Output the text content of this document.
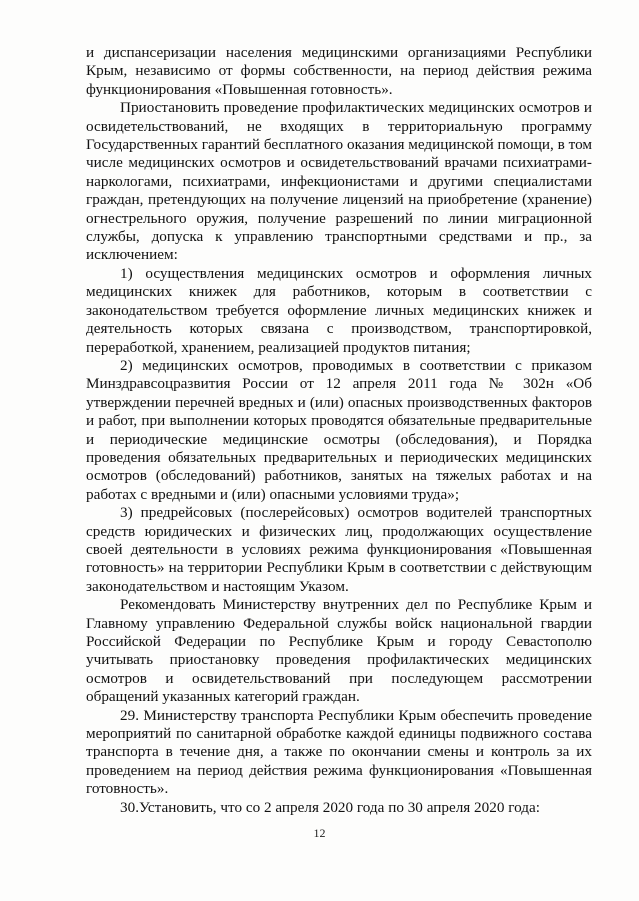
и диспансеризации населения медицинскими организациями Республики Крым, независимо от формы собственности, на период действия режима функционирования «Повышенная готовность».

Приостановить проведение профилактических медицинских осмотров и освидетельствований, не входящих в территориальную программу Государственных гарантий бесплатного оказания медицинской помощи, в том числе медицинских осмотров и освидетельствований врачами психиатрами-наркологами, психиатрами, инфекционистами и другими специалистами граждан, претендующих на получение лицензий на приобретение (хранение) огнестрельного оружия, получение разрешений по линии миграционной службы, допуска к управлению транспортными средствами и пр., за исключением:

1) осуществления медицинских осмотров и оформления личных медицинских книжек для работников, которым в соответствии с законодательством требуется оформление личных медицинских книжек и деятельность которых связана с производством, транспортировкой, переработкой, хранением, реализацией продуктов питания;

2) медицинских осмотров, проводимых в соответствии с приказом Минздравсоцразвития России от 12 апреля 2011 года № 302н «Об утверждении перечней вредных и (или) опасных производственных факторов и работ, при выполнении которых проводятся обязательные предварительные и периодические медицинские осмотры (обследования), и Порядка проведения обязательных предварительных и периодических медицинских осмотров (обследований) работников, занятых на тяжелых работах и на работах с вредными и (или) опасными условиями труда»;

3) предрейсовых (послерейсовых) осмотров водителей транспортных средств юридических и физических лиц, продолжающих осуществление своей деятельности в условиях режима функционирования «Повышенная готовность» на территории Республики Крым в соответствии с действующим законодательством и настоящим Указом.

Рекомендовать Министерству внутренних дел по Республике Крым и Главному управлению Федеральной службы войск национальной гвардии Российской Федерации по Республике Крым и городу Севастополю учитывать приостановку проведения профилактических медицинских осмотров и освидетельствований при последующем рассмотрении обращений указанных категорий граждан.

29. Министерству транспорта Республики Крым обеспечить проведение мероприятий по санитарной обработке каждой единицы подвижного состава транспорта в течение дня, а также по окончании смены и контроль за их проведением на период действия режима функционирования «Повышенная готовность».

30.Установить, что со 2 апреля 2020 года по 30 апреля 2020 года:

12
